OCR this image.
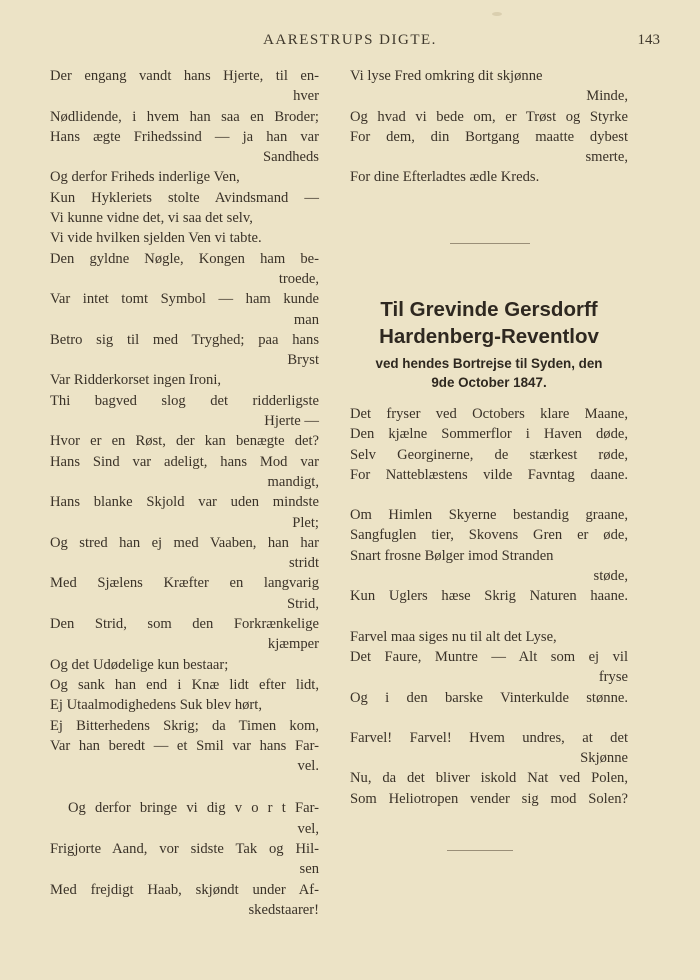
AARESTRUPS DIGTE.	143
Der engang vandt hans Hjerte, til en-
hver
Nødlidende, i hvem han saa en Broder;
Hans ægte Frihedssind — ja han var
Sandheds
Og derfor Friheds inderlige Ven,
Kun Hykleriets stolte Avindsmand —
Vi kunne vidne det, vi saa det selv,
Vi vide hvilken sjelden Ven vi tabte.
Den gyldne Nøgle, Kongen ham be-
troede,
Var intet tomt Symbol — ham kunde
man
Betro sig til med Tryghed; paa hans
Bryst
Var Ridderkorset ingen Ironi,
Thi bagved slog det ridderligste
Hjerte —
Hvor er en Røst, der kan benægte det?
Hans Sind var adeligt, hans Mod var
mandigt,
Hans blanke Skjold var uden mindste
Plet;
Og stred han ej med Vaaben, han har
stridt
Med Sjælens Kræfter en langvarig
Strid,
Den Strid, som den Forkrænkelige
kjæmper
Og det Udødelige kun bestaar;
Og sank han end i Knæ lidt efter lidt,
Ej Utaalmodighedens Suk blev hørt,
Ej Bitterhedens Skrig; da Timen kom,
Var han beredt — et Smil var hans Far-
vel.
Og derfor bringe vi dig v o r t Far-
vel,
Frigjorte Aand, vor sidste Tak og Hil-
sen
Med frejdigt Haab, skjøndt under Af-
skedstaarer!
Vi lyse Fred omkring dit skjønne
Minde,
Og hvad vi bede om, er Trøst og Styrke
For dem, din Bortgang maatte dybest
smerte,
For dine Efterladtes ædle Kreds.
Til Grevinde Gersdorff
Hardenberg-Reventlov
ved hendes Bortrejse til Syden, den
9de October 1847.
Det fryser ved Octobers klare Maane,
Den kjælne Sommerflor i Haven døde,
Selv Georginerne, de stærkest røde,
For Natteblæstens vilde Favntag daane.
Om Himlen Skyerne bestandig graane,
Sangfuglen tier, Skovens Gren er øde,
Snart frosne Bølger imod Stranden
støde,
Kun Uglers hæse Skrig Naturen haane.
Farvel maa siges nu til alt det Lyse,
Det Faure, Muntre — Alt som ej vil
fryse
Og i den barske Vinterkulde stønne.
Farvel! Farvel! Hvem undres, at det
Skjønne
Nu, da det bliver iskold Nat ved Polen,
Som Heliotropen vender sig mod Solen?
